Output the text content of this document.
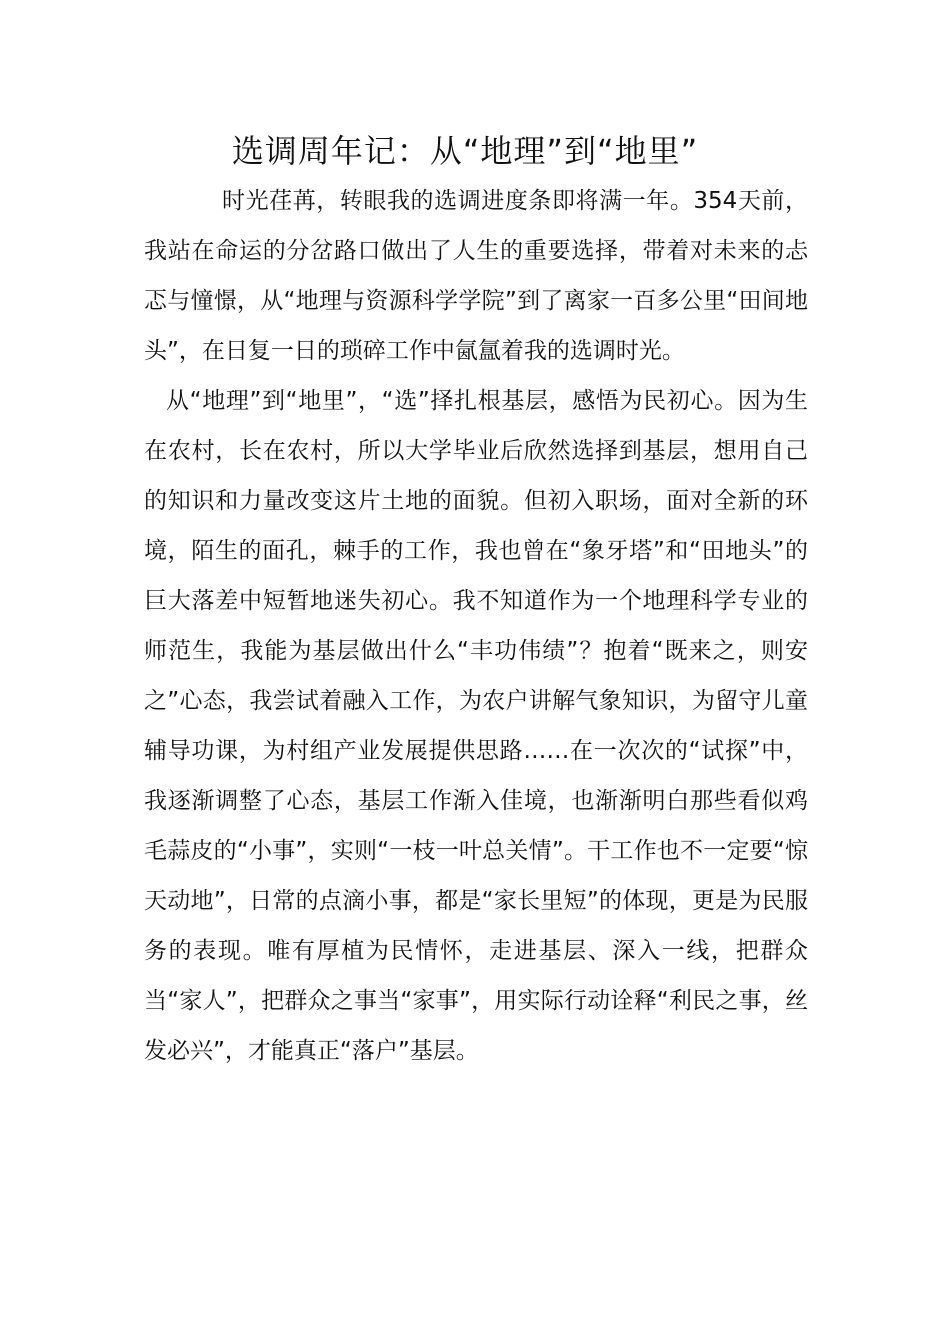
选调周年记：从“地理”到“地里”

时光荏苒，转眼我的选调进度条即将满一年。354天前，我站在命运的分岔路口做出了人生的重要选择，带着对未来的忐忑与憧憬，从“地理与资源科学学院”到了离家一百多公里“田间地头”，在日复一日的琐碎工作中氤氲着我的选调时光。

从“地理”到“地里”，“选”择扎根基层，感悟为民初心。因为生在农村，长在农村，所以大学毕业后欣然选择到基层，想用自己的知识和力量改变这片土地的面貌。但初入职场，面对全新的环境，陌生的面孔，棘手的工作，我也曾在“象牙塔”和“田地头”的巨大落差中短暂地迷失初心。我不知道作为一个地理科学专业的师范生，我能为基层做出什么“丰功伟绩”？抱着“既来之，则安之”心态，我尝试着融入工作，为农户讲解气象知识，为留守儿童辅导功课，为村组产业发展提供思路……在一次次的“试探”中，我逐渐调整了心态，基层工作渐入佳境，也渐渐明白那些看似鸡毛蒜皮的“小事”，实则“一枝一叶总关情”。干工作也不一定要“惊天动地”，日常的点滴小事，都是“家长里短”的体现，更是为民服务的表现。唯有厚植为民情怀，走进基层、深入一线，把群众当“家人”，把群众之事当“家事”，用实际行动诠释“利民之事，丝发必兴”，才能真正“落户”基层。
